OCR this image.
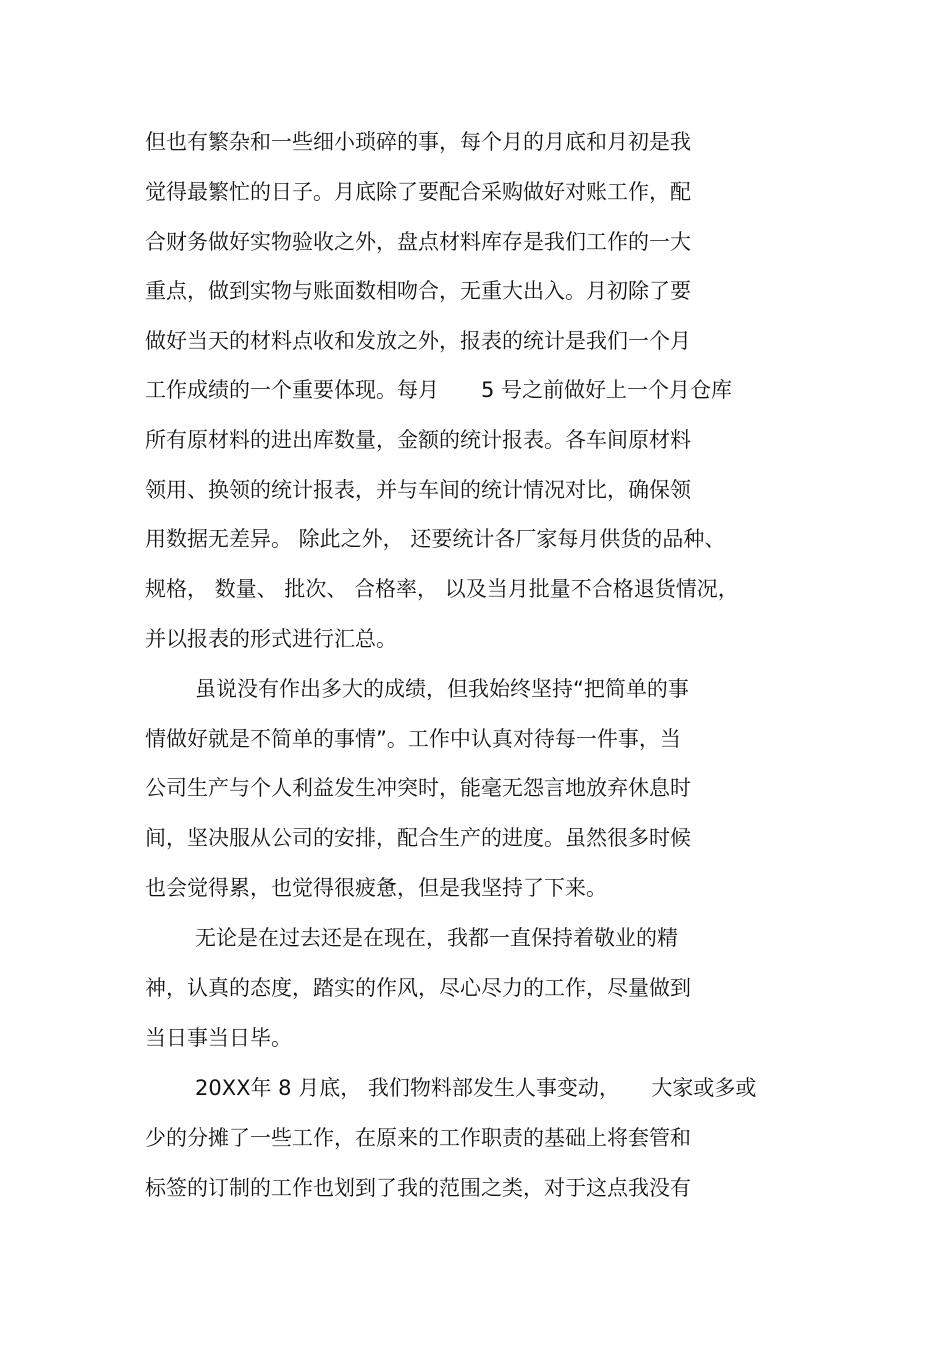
但也有繁杂和一些细小琐碎的事，每个月的月底和月初是我

觉得最繁忙的日子。月底除了要配合采购做好对账工作，配

合财务做好实物验收之外，盘点材料库存是我们工作的一大

重点，做到实物与账面数相吻合，无重大出入。月初除了要

做好当天的材料点收和发放之外，报表的统计是我们一个月

工作成绩的一个重要体现。每月　　5 号之前做好上一个月仓库

所有原材料的进出库数量，金额的统计报表。各车间原材料

领用、换领的统计报表，并与车间的统计情况对比，确保领

用数据无差异。 除此之外， 还要统计各厂家每月供货的品种、

规格， 数量、 批次、 合格率， 以及当月批量不合格退货情况，

并以报表的形式进行汇总。

虽说没有作出多大的成绩，但我始终坚持“把简单的事

情做好就是不简单的事情”。工作中认真对待每一件事，当

公司生产与个人利益发生冲突时，能毫无怨言地放弃休息时

间，坚决服从公司的安排，配合生产的进度。虽然很多时候

也会觉得累，也觉得很疲惫，但是我坚持了下来。

无论是在过去还是在现在，我都一直保持着敬业的精

神，认真的态度，踏实的作风，尽心尽力的工作，尽量做到

当日事当日毕。

20XX年 8 月底， 我们物料部发生人事变动，　　大家或多或

少的分摊了一些工作，在原来的工作职责的基础上将套管和

标签的订制的工作也划到了我的范围之类，对于这点我没有
